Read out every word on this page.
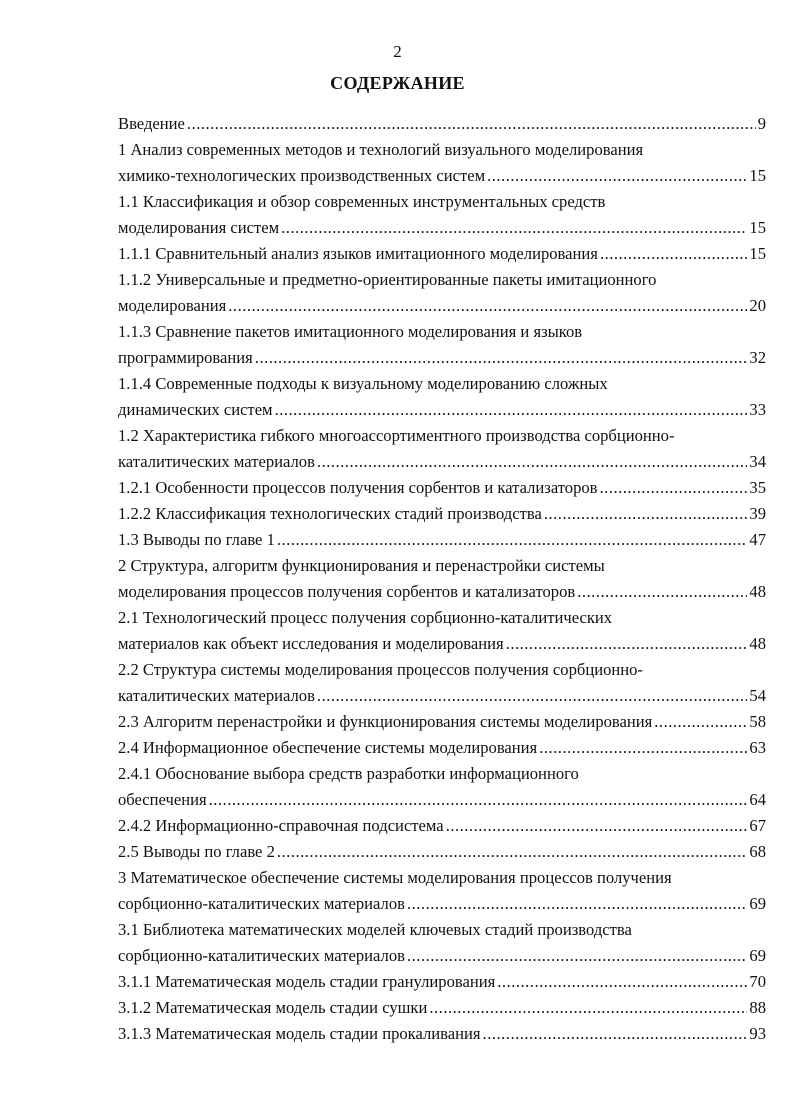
2
СОДЕРЖАНИЕ
Введение .....	9
1 Анализ современных методов и технологий визуального моделирования
химико-технологических производственных систем .....	15
1.1 Классификация и обзор современных инструментальных средств
моделирования систем .....	15
1.1.1 Сравнительный анализ языков имитационного моделирования .....	15
1.1.2 Универсальные и предметно-ориентированные пакеты имитационного
моделирования .....	20
1.1.3 Сравнение пакетов имитационного моделирования и языков
программирования .....	32
1.1.4 Современные подходы к визуальному моделированию сложных
динамических систем .....	33
1.2 Характеристика гибкого многоассортиментного производства сорбционно-
каталитических материалов .....	34
1.2.1 Особенности процессов получения сорбентов и катализаторов .....	35
1.2.2 Классификация технологических стадий производства .....	39
1.3 Выводы по главе 1 .....	47
2 Структура, алгоритм функционирования и перенастройки системы
моделирования процессов получения сорбентов и катализаторов .....	48
2.1 Технологический процесс получения сорбционно-каталитических
материалов как объект исследования и моделирования .....	48
2.2 Структура системы моделирования процессов получения сорбционно-
каталитических материалов .....	54
2.3 Алгоритм перенастройки и функционирования системы моделирования .....	58
2.4 Информационное обеспечение системы моделирования .....	63
2.4.1 Обоснование выбора средств разработки информационного
обеспечения .....	64
2.4.2 Информационно-справочная подсистема .....	67
2.5 Выводы по главе 2 .....	68
3 Математическое обеспечение системы моделирования процессов получения
сорбционно-каталитических материалов .....	69
3.1 Библиотека математических моделей ключевых стадий производства
сорбционно-каталитических материалов .....	69
3.1.1 Математическая модель стадии гранулирования .....	70
3.1.2 Математическая модель стадии сушки .....	88
3.1.3 Математическая модель стадии прокаливания .....	93
